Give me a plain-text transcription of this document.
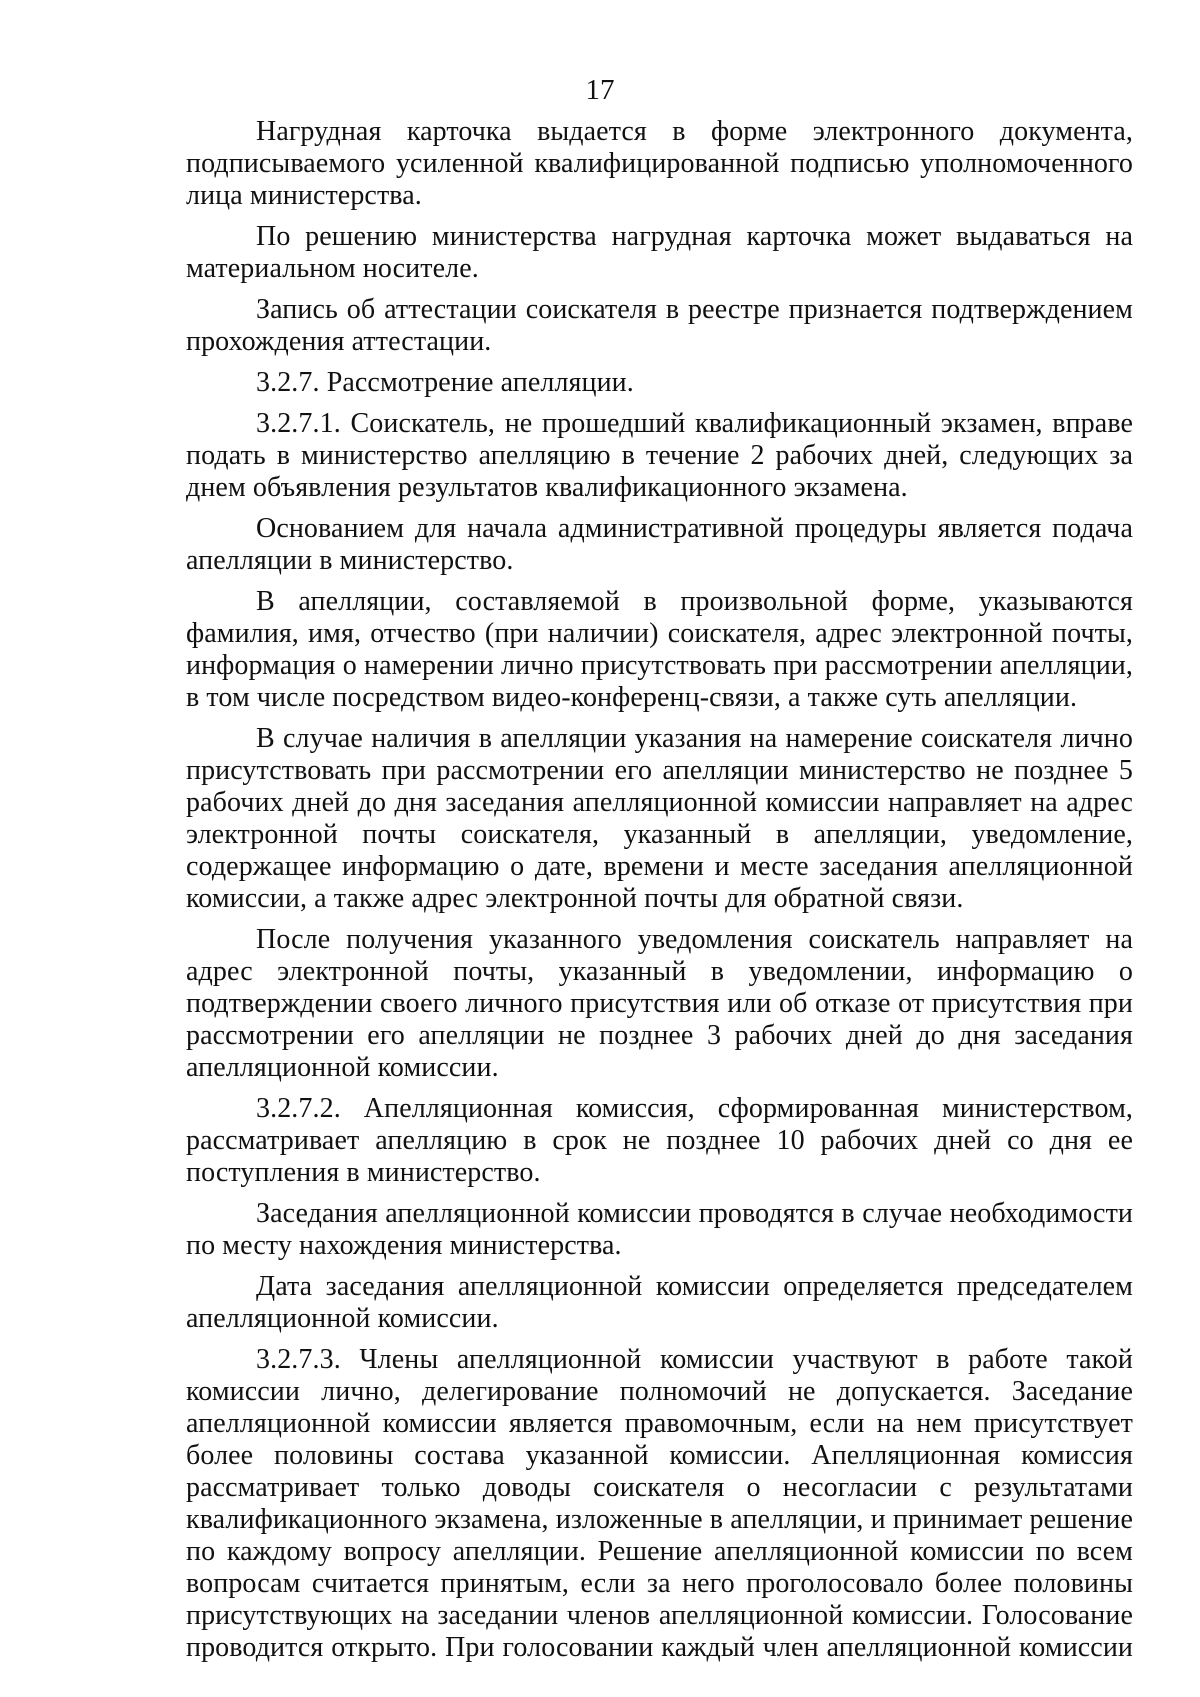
17

Нагрудная карточка выдается в форме электронного документа, подписываемого усиленной квалифицированной подписью уполномоченного лица министерства.

По решению министерства нагрудная карточка может выдаваться на материальном носителе.

Запись об аттестации соискателя в реестре признается подтверждением прохождения аттестации.

3.2.7. Рассмотрение апелляции.

3.2.7.1. Соискатель, не прошедший квалификационный экзамен, вправе подать в министерство апелляцию в течение 2 рабочих дней, следующих за днем объявления результатов квалификационного экзамена.

Основанием для начала административной процедуры является подача апелляции в министерство.

В апелляции, составляемой в произвольной форме, указываются фамилия, имя, отчество (при наличии) соискателя, адрес электронной почты, информация о намерении лично присутствовать при рассмотрении апелляции, в том числе посредством видео-конференц-связи, а также суть апелляции.

В случае наличия в апелляции указания на намерение соискателя лично присутствовать при рассмотрении его апелляции министерство не позднее 5 рабочих дней до дня заседания апелляционной комиссии направляет на адрес электронной почты соискателя, указанный в апелляции, уведомление, содержащее информацию о дате, времени и месте заседания апелляционной комиссии, а также адрес электронной почты для обратной связи.

После получения указанного уведомления соискатель направляет на адрес электронной почты, указанный в уведомлении, информацию о подтверждении своего личного присутствия или об отказе от присутствия при рассмотрении его апелляции не позднее 3 рабочих дней до дня заседания апелляционной комиссии.

3.2.7.2. Апелляционная комиссия, сформированная министерством, рассматривает апелляцию в срок не позднее 10 рабочих дней со дня ее поступления в министерство.

Заседания апелляционной комиссии проводятся в случае необходимости по месту нахождения министерства.

Дата заседания апелляционной комиссии определяется председателем апелляционной комиссии.

3.2.7.3. Члены апелляционной комиссии участвуют в работе такой комиссии лично, делегирование полномочий не допускается. Заседание апелляционной комиссии является правомочным, если на нем присутствует более половины состава указанной комиссии. Апелляционная комиссия рассматривает только доводы соискателя о несогласии с результатами квалификационного экзамена, изложенные в апелляции, и принимает решение по каждому вопросу апелляции. Решение апелляционной комиссии по всем вопросам считается принятым, если за него проголосовало более половины присутствующих на заседании членов апелляционной комиссии. Голосование проводится открыто. При голосовании каждый член апелляционной комиссии
